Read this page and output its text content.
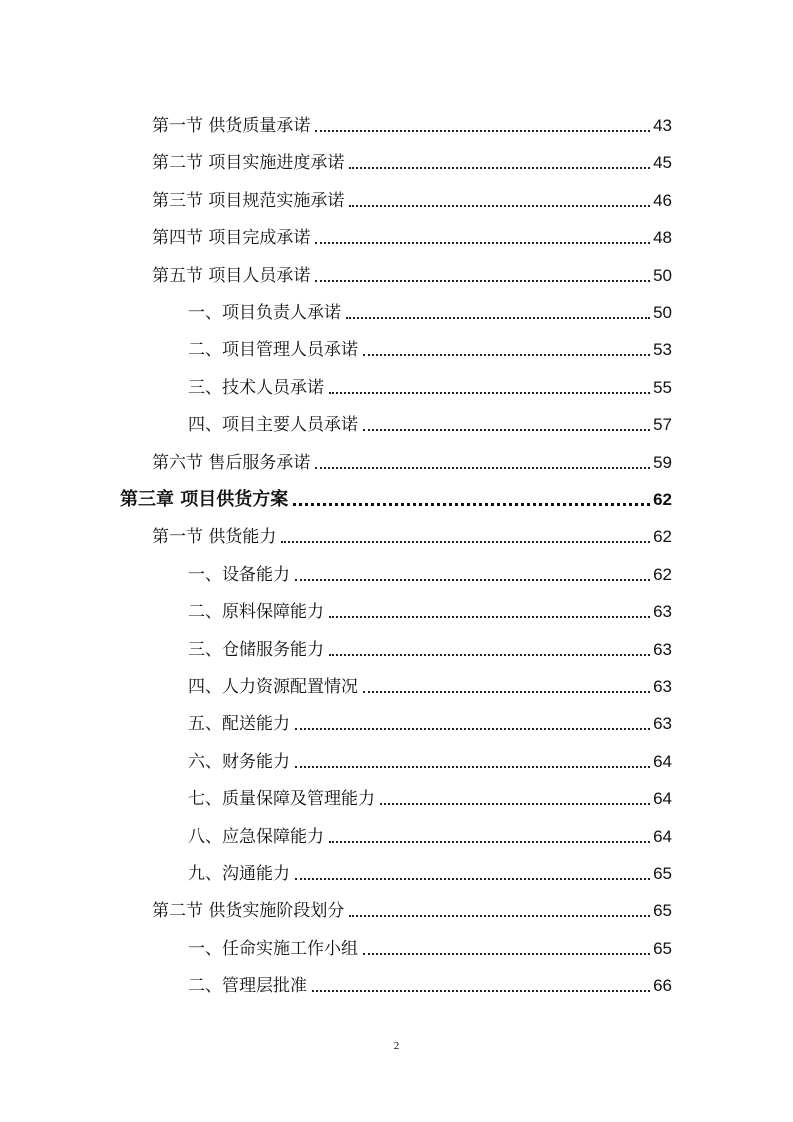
第一节 供货质量承诺	43
第二节 项目实施进度承诺	45
第三节 项目规范实施承诺	46
第四节 项目完成承诺	48
第五节 项目人员承诺	50
一、项目负责人承诺	50
二、项目管理人员承诺	53
三、技术人员承诺	55
四、项目主要人员承诺	57
第六节 售后服务承诺	59
第三章 项目供货方案	62
第一节 供货能力	62
一、设备能力	62
二、原料保障能力	63
三、仓储服务能力	63
四、人力资源配置情况	63
五、配送能力	63
六、财务能力	64
七、质量保障及管理能力	64
八、应急保障能力	64
九、沟通能力	65
第二节 供货实施阶段划分	65
一、任命实施工作小组	65
二、管理层批准	66
2
